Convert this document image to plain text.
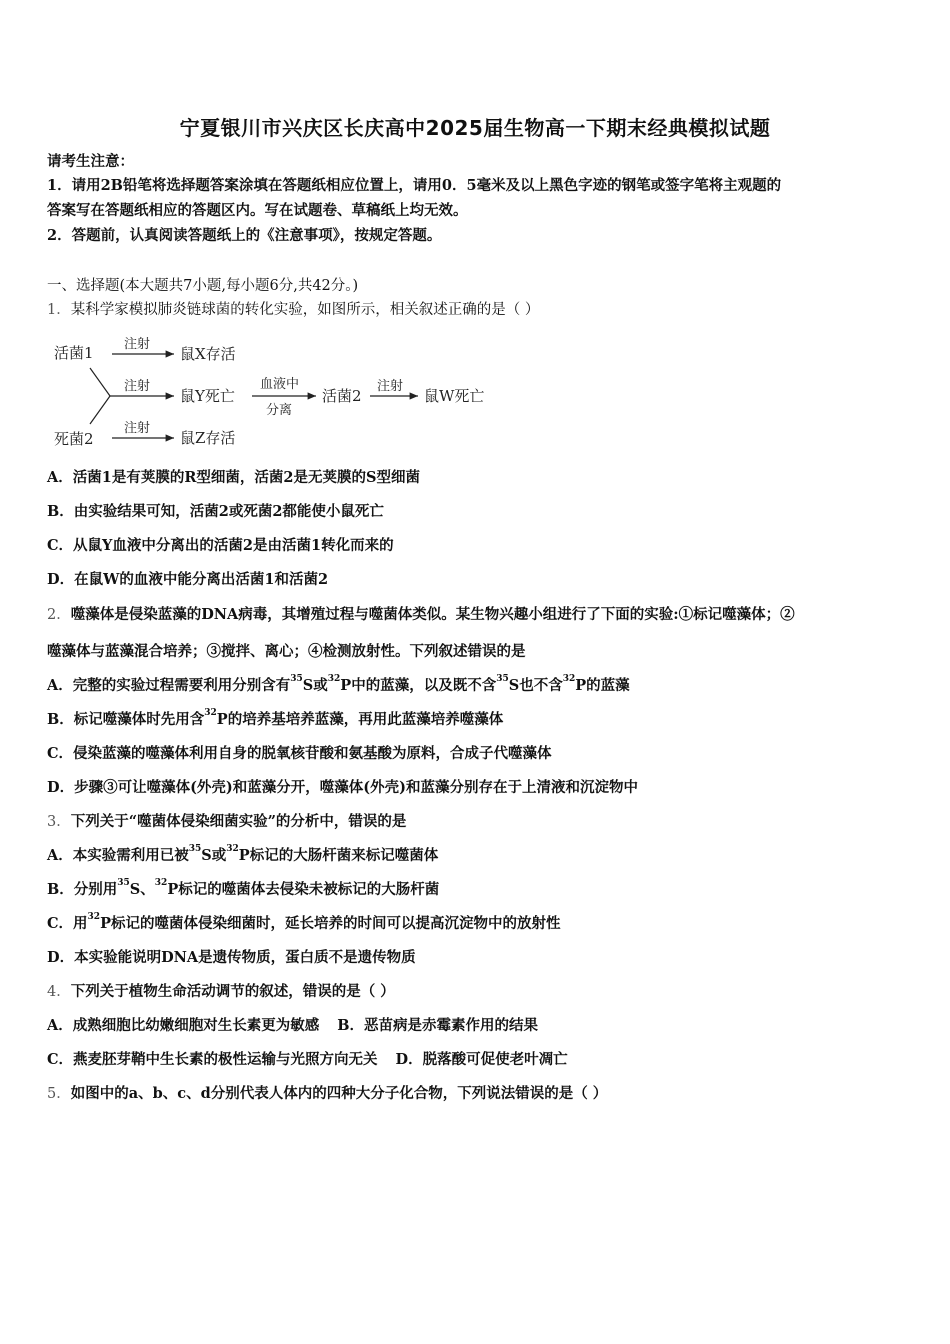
宁夏银川市兴庆区长庆高中2025届生物高一下期末经典模拟试题
请考生注意：
1．请用2B铅笔将选择题答案涂填在答题纸相应位置上，请用0．5毫米及以上黑色字迹的钢笔或签字笔将主观题的
答案写在答题纸相应的答题区内。写在试题卷、草稿纸上均无效。
2．答题前，认真阅读答题纸上的《注意事项》，按规定答题。
一、选择题(本大题共7小题,每小题6分,共42分。)
1．某科学家模拟肺炎链球菌的转化实验，如图所示，相关叙述正确的是（ ）
活菌1
死菌2
注射
鼠X存活
注射
鼠Y死亡
血液中
分离
活菌2
注射
鼠W死亡
注射
鼠Z存活
A．活菌1是有荚膜的R型细菌，活菌2是无荚膜的S型细菌
B．由实验结果可知，活菌2或死菌2都能使小鼠死亡
C．从鼠Y血液中分离出的活菌2是由活菌1转化而来的
D．在鼠W的血液中能分离出活菌1和活菌2
2．噬藻体是侵染蓝藻的DNA病毒，其增殖过程与噬菌体类似。某生物兴趣小组进行了下面的实验:①标记噬藻体；②
噬藻体与蓝藻混合培养；③搅拌、离心；④检测放射性。下列叙述错误的是
A．完整的实验过程需要利用分别含有$^{35}$S或$^{32}$P中的蓝藻，以及既不含$^{35}$S也不含$^{32}$P的蓝藻
B．标记噬藻体时先用含$^{32}$P的培养基培养蓝藻，再用此蓝藻培养噬藻体
C．侵染蓝藻的噬藻体利用自身的脱氧核苷酸和氨基酸为原料，合成子代噬藻体
D．步骤③可让噬藻体(外壳)和蓝藻分开，噬藻体(外壳)和蓝藻分别存在于上清液和沉淀物中
3．下列关于“噬菌体侵染细菌实验”的分析中，错误的是
A．本实验需利用已被$^{35}$S或$^{32}$P标记的大肠杆菌来标记噬菌体
B．分别用$^{35}$S、$^{32}$P标记的噬菌体去侵染未被标记的大肠杆菌
C．用$^{32}$P标记的噬菌体侵染细菌时，延长培养的时间可以提高沉淀物中的放射性
D．本实验能说明DNA是遗传物质，蛋白质不是遗传物质
4．下列关于植物生命活动调节的叙述，错误的是（ ）
A．成熟细胞比幼嫩细胞对生长素更为敏感 B．恶苗病是赤霉素作用的结果
C．燕麦胚芽鞘中生长素的极性运输与光照方向无关 D．脱落酸可促使老叶凋亡
5．如图中的a、b、c、d分别代表人体内的四种大分子化合物，下列说法错误的是（ ）
